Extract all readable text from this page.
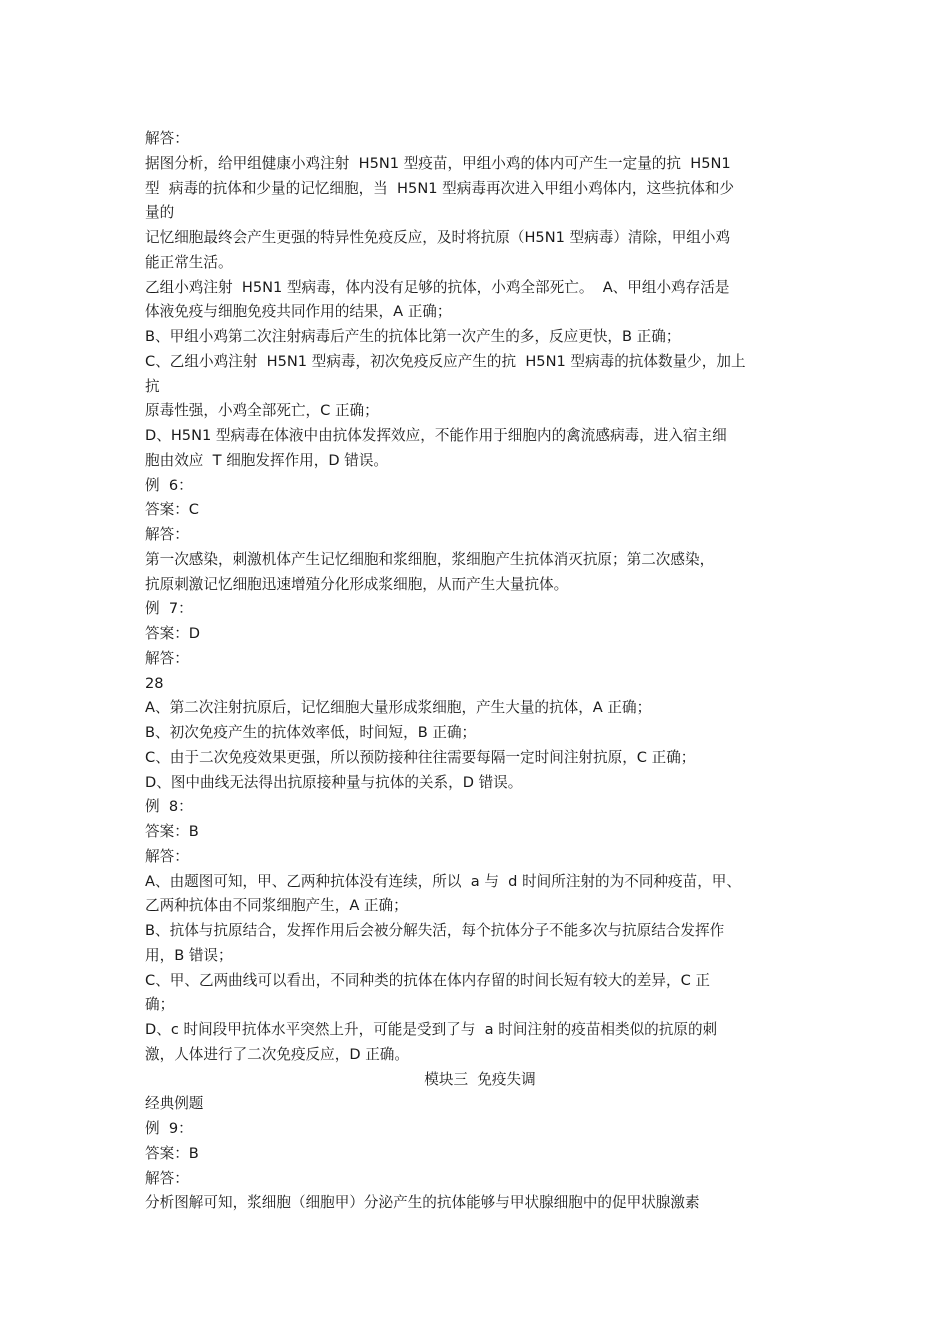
解答：
据图分析，给甲组健康小鸡注射  H5N1 型疫苗，甲组小鸡的体内可产生一定量的抗  H5N1
型  病毒的抗体和少量的记忆细胞，当  H5N1 型病毒再次进入甲组小鸡体内，这些抗体和少
量的
记忆细胞最终会产生更强的特异性免疫反应，及时将抗原（H5N1 型病毒）清除，甲组小鸡
能正常生活。
乙组小鸡注射  H5N1 型病毒，体内没有足够的抗体，小鸡全部死亡。  A、甲组小鸡存活是
体液免疫与细胞免疫共同作用的结果，A 正确；
B、甲组小鸡第二次注射病毒后产生的抗体比第一次产生的多，反应更快，B 正确；
C、乙组小鸡注射  H5N1 型病毒，初次免疫反应产生的抗  H5N1 型病毒的抗体数量少，加上
抗
原毒性强，小鸡全部死亡，C 正确；
D、H5N1 型病毒在体液中由抗体发挥效应，不能作用于细胞内的禽流感病毒，进入宿主细
胞由效应  T 细胞发挥作用，D 错误。
例  6：
答案：C
解答：
第一次感染，刺激机体产生记忆细胞和浆细胞，浆细胞产生抗体消灭抗原；第二次感染，
抗原刺激记忆细胞迅速增殖分化形成浆细胞，从而产生大量抗体。
例  7：
答案：D
解答：
28
A、第二次注射抗原后，记忆细胞大量形成浆细胞，产生大量的抗体，A 正确；
B、初次免疫产生的抗体效率低，时间短，B 正确；
C、由于二次免疫效果更强，所以预防接种往往需要每隔一定时间注射抗原，C 正确；
D、图中曲线无法得出抗原接种量与抗体的关系，D 错误。
例  8：
答案：B
解答：
A、由题图可知，甲、乙两种抗体没有连续，所以  a 与  d 时间所注射的为不同种疫苗，甲、
乙两种抗体由不同浆细胞产生，A 正确；
B、抗体与抗原结合，发挥作用后会被分解失活，每个抗体分子不能多次与抗原结合发挥作
用，B 错误；
C、甲、乙两曲线可以看出，不同种类的抗体在体内存留的时间长短有较大的差异，C 正
确；
D、c 时间段甲抗体水平突然上升，可能是受到了与  a 时间注射的疫苗相类似的抗原的刺
激，人体进行了二次免疫反应，D 正确。
模块三  免疫失调
经典例题
例  9：
答案：B
解答：
分析图解可知，浆细胞（细胞甲）分泌产生的抗体能够与甲状腺细胞中的促甲状腺激素
